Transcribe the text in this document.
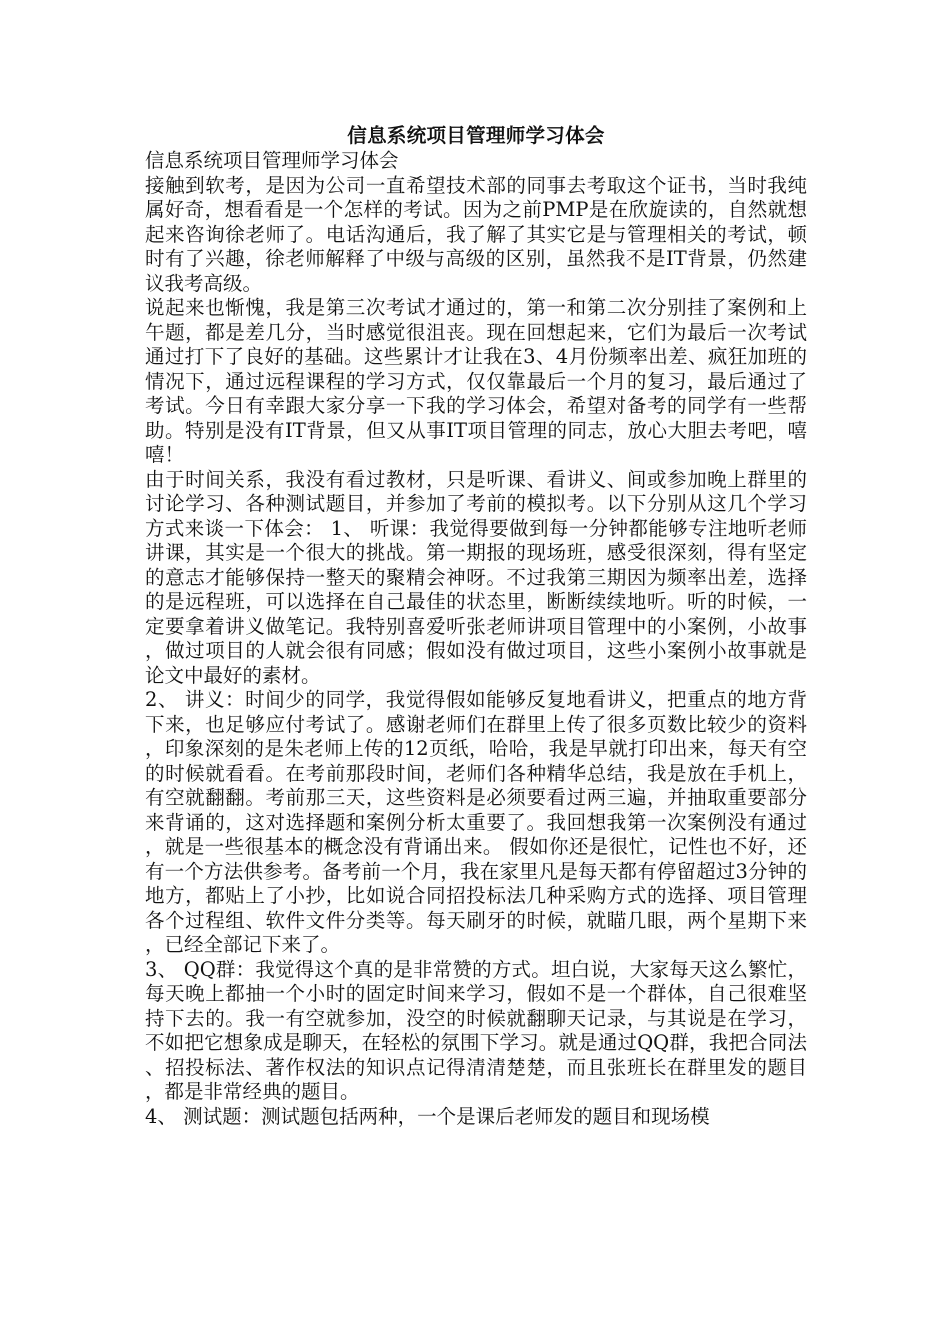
信息系统项目管理师学习体会

信息系统项目管理师学习体会

接触到软考，是因为公司一直希望技术部的同事去考取这个证书，当时我纯属好奇，想看看是一个怎样的考试。因为之前PMP是在欣旋读的，自然就想起来咨询徐老师了。电话沟通后，我了解了其实它是与管理相关的考试，顿时有了兴趣，徐老师解释了中级与高级的区别，虽然我不是IT背景，仍然建议我考高级。

说起来也惭愧，我是第三次考试才通过的，第一和第二次分别挂了案例和上午题，都是差几分，当时感觉很沮丧。现在回想起来，它们为最后一次考试通过打下了良好的基础。这些累计才让我在3、4月份频率出差、疯狂加班的情况下，通过远程课程的学习方式，仅仅靠最后一个月的复习，最后通过了考试。今日有幸跟大家分享一下我的学习体会，希望对备考的同学有一些帮助。特别是没有IT背景，但又从事IT项目管理的同志，放心大胆去考吧，嘻嘻！

由于时间关系，我没有看过教材，只是听课、看讲义、间或参加晚上群里的讨论学习、各种测试题目，并参加了考前的模拟考。以下分别从这几个学习方式来谈一下体会： 1、 听课：我觉得要做到每一分钟都能够专注地听老师讲课，其实是一个很大的挑战。第一期报的现场班，感受很深刻，得有坚定的意志才能够保持一整天的聚精会神呀。不过我第三期因为频率出差，选择的是远程班，可以选择在自己最佳的状态里，断断续续地听。听的时候，一定要拿着讲义做笔记。我特别喜爱听张老师讲项目管理中的小案例，小故事，做过项目的人就会很有同感；假如没有做过项目，这些小案例小故事就是论文中最好的素材。

2、 讲义：时间少的同学，我觉得假如能够反复地看讲义，把重点的地方背下来，也足够应付考试了。感谢老师们在群里上传了很多页数比较少的资料，印象深刻的是朱老师上传的12页纸，哈哈，我是早就打印出来，每天有空的时候就看看。在考前那段时间，老师们各种精华总结，我是放在手机上，有空就翻翻。考前那三天，这些资料是必须要看过两三遍，并抽取重要部分来背诵的，这对选择题和案例分析太重要了。我回想我第一次案例没有通过，就是一些很基本的概念没有背诵出来。 假如你还是很忙，记性也不好，还有一个方法供参考。备考前一个月，我在家里凡是每天都有停留超过3分钟的地方，都贴上了小抄，比如说合同招投标法几种采购方式的选择、项目管理各个过程组、软件文件分类等。每天刷牙的时候，就瞄几眼，两个星期下来，已经全部记下来了。

3、 QQ群：我觉得这个真的是非常赞的方式。坦白说，大家每天这么繁忙，每天晚上都抽一个小时的固定时间来学习，假如不是一个群体，自己很难坚持下去的。我一有空就参加，没空的时候就翻聊天记录，与其说是在学习，不如把它想象成是聊天，在轻松的氛围下学习。就是通过QQ群，我把合同法、招投标法、著作权法的知识点记得清清楚楚，而且张班长在群里发的题目，都是非常经典的题目。

4、 测试题：测试题包括两种，一个是课后老师发的题目和现场模
